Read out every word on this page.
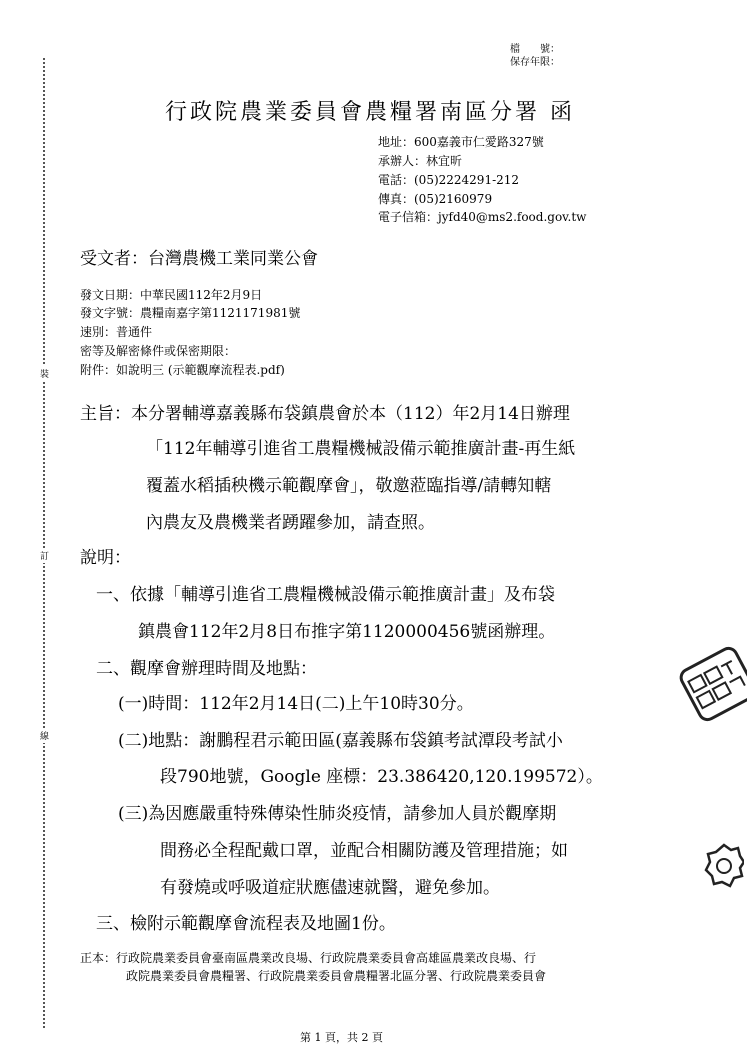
裝
訂
線
檔　　號：
保存年限：
行政院農業委員會農糧署南區分署 函
地址：600嘉義市仁愛路327號
承辦人：林宜昕
電話：(05)2224291-212
傳真：(05)2160979
電子信箱：jyfd40@ms2.food.gov.tw
受文者：台灣農機工業同業公會
發文日期：中華民國112年2月9日
發文字號：農糧南嘉字第1121171981號
速別：普通件
密等及解密條件或保密期限：
附件：如說明三 (示範觀摩流程表.pdf)
主旨：本分署輔導嘉義縣布袋鎮農會於本（112）年2月14日辦理
「112年輔導引進省工農糧機械設備示範推廣計畫-再生紙
覆蓋水稻插秧機示範觀摩會」，敬邀蒞臨指導/請轉知轄
內農友及農機業者踴躍參加，請查照。
說明：
一、依據「輔導引進省工農糧機械設備示範推廣計畫」及布袋
鎮農會112年2月8日布推字第1120000456號函辦理。
二、觀摩會辦理時間及地點：
(一)時間：112年2月14日(二)上午10時30分。
(二)地點：謝鵬程君示範田區(嘉義縣布袋鎮考試潭段考試小
段790地號，Google 座標：23.386420,120.199572）。
(三)為因應嚴重特殊傳染性肺炎疫情，請參加人員於觀摩期
間務必全程配戴口罩，並配合相關防護及管理措施；如
有發燒或呼吸道症狀應儘速就醫，避免參加。
三、檢附示範觀摩會流程表及地圖1份。
正本：行政院農業委員會臺南區農業改良場、行政院農業委員會高雄區農業改良場、行
政院農業委員會農糧署、行政院農業委員會農糧署北區分署、行政院農業委員會
第 1 頁，共 2 頁
